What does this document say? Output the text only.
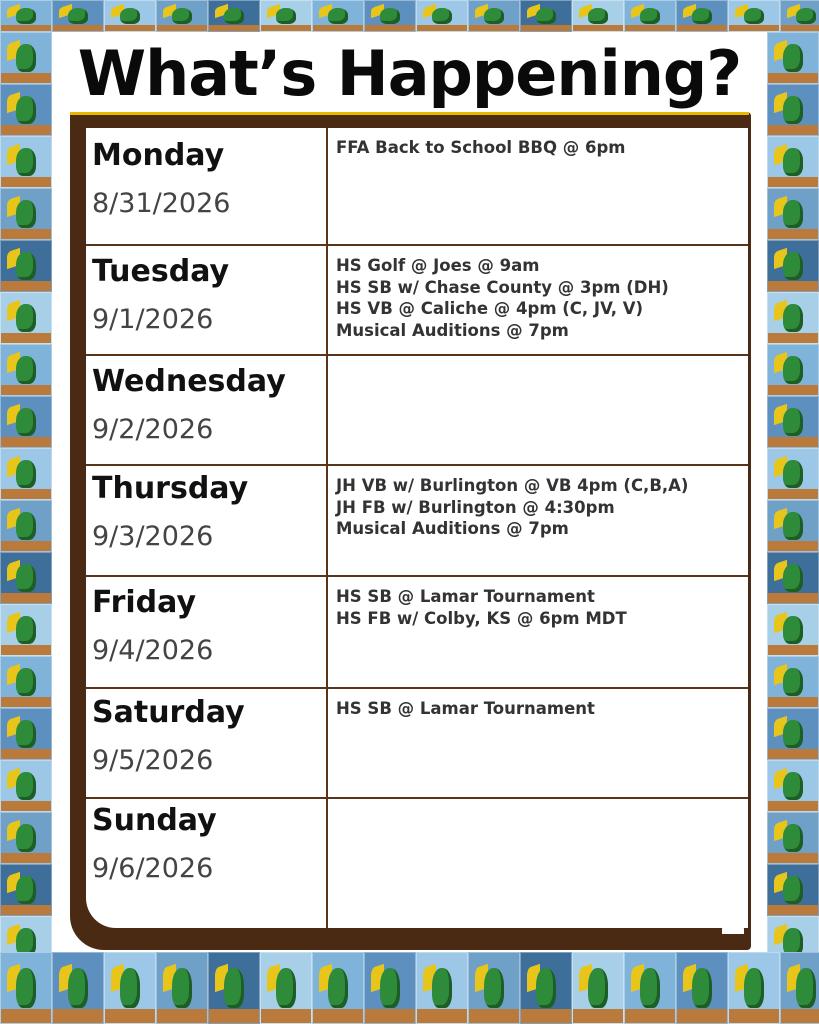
What’s Happening?
Monday
8/31/2026
FFA Back to School BBQ @ 6pm
Tuesday
9/1/2026
HS Golf @ Joes @ 9am
HS SB w/ Chase County @ 3pm (DH)
HS VB @ Caliche @ 4pm (C, JV, V)
Musical Auditions @ 7pm
Wednesday
9/2/2026
Thursday
9/3/2026
JH VB w/ Burlington @ VB 4pm (C,B,A)
JH FB w/ Burlington @ 4:30pm
Musical Auditions @ 7pm
Friday
9/4/2026
HS SB @ Lamar Tournament
HS FB w/ Colby, KS @ 6pm MDT
Saturday
9/5/2026
HS SB @ Lamar Tournament
Sunday
9/6/2026
